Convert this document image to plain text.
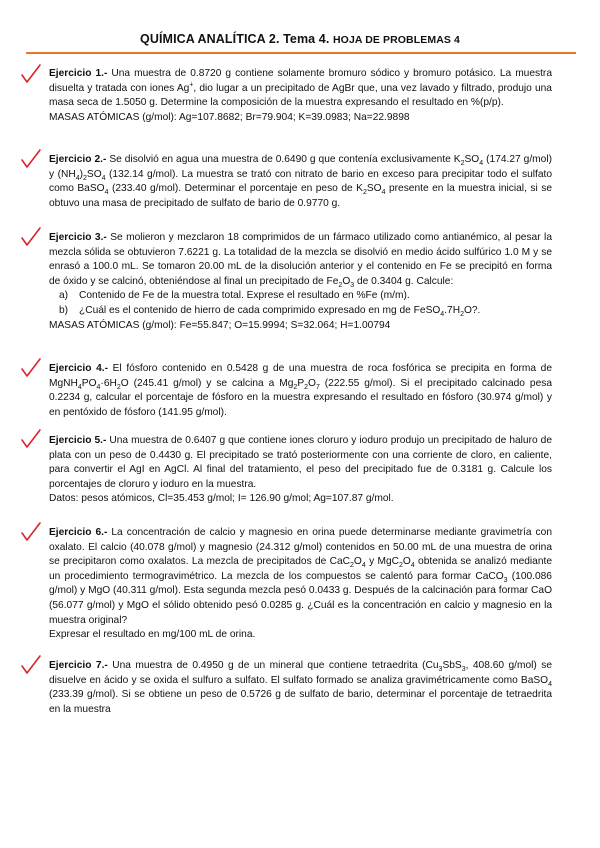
QUÍMICA ANALÍTICA 2. Tema 4. HOJA DE PROBLEMAS 4
Ejercicio 1.- Una muestra de 0.8720 g contiene solamente bromuro sódico y bromuro potásico. La muestra disuelta y tratada con iones Ag+, dio lugar a un precipitado de AgBr que, una vez lavado y filtrado, produjo una masa seca de 1.5050 g. Determine la composición de la muestra expresando el resultado en %(p/p).
MASAS ATÓMICAS (g/mol): Ag=107.8682; Br=79.904; K=39.0983; Na=22.9898
Ejercicio 2.- Se disolvió en agua una muestra de 0.6490 g que contenía exclusivamente $K_2SO_4$ (174.27 g/mol) y $(NH_4)_2SO_4$ (132.14 g/mol). La muestra se trató con nitrato de bario en exceso para precipitar todo el sulfato como BaSO$_4$ (233.40 g/mol). Determinar el porcentaje en peso de $K_2SO_4$ presente en la muestra inicial, si se obtuvo una masa de precipitado de sulfato de bario de 0.9770 g.
Ejercicio 3.- Se molieron y mezclaron 18 comprimidos de un fármaco utilizado como antianémico, al pesar la mezcla sólida se obtuvieron 7.6221 g. La totalidad de la mezcla se disolvió en medio ácido sulfúrico 1.0 M y se enrasó a 100.0 mL. Se tomaron 20.00 mL de la disolución anterior y el contenido en Fe se precipitó en forma de óxido y se calcinó, obteniéndose al final un precipitado de $Fe_2O_3$ de 0.3404 g. Calcule:
a) Contenido de Fe de la muestra total. Exprese el resultado en %Fe (m/m).
b) ¿Cuál es el contenido de hierro de cada comprimido expresado en mg de $FeSO_4.7H_2O$?.
MASAS ATÓMICAS (g/mol): Fe=55.847; O=15.9994; S=32.064; H=1.00794
Ejercicio 4.- El fósforo contenido en 0.5428 g de una muestra de roca fosfórica se precipita en forma de $MgNH_4PO_4\cdot 6H_2O$ (245.41 g/mol) y se calcina a $Mg_2P_2O_7$ (222.55 g/mol). Si el precipitado calcinado pesa 0.2234 g, calcular el porcentaje de fósforo en la muestra expresando el resultado en fósforo (30.974 g/mol) y en pentóxido de fósforo (141.95 g/mol).
Ejercicio 5.- Una muestra de 0.6407 g que contiene iones cloruro y ioduro produjo un precipitado de haluro de plata con un peso de 0.4430 g. El precipitado se trató posteriormente con una corriente de cloro, en caliente, para convertir el AgI en AgCl. Al final del tratamiento, el peso del precipitado fue de 0.3181 g. Calcule los porcentajes de cloruro y ioduro en la muestra.
Datos: pesos atómicos, Cl=35.453 g/mol; I= 126.90 g/mol; Ag=107.87 g/mol.
Ejercicio 6.- La concentración de calcio y magnesio en orina puede determinarse mediante gravimetría con oxalato. El calcio (40.078 g/mol) y magnesio (24.312 g/mol) contenidos en 50.00 mL de una muestra de orina se precipitaron como oxalatos. La mezcla de precipitados de $CaC_2O_4$ y $MgC_2O_4$ obtenida se analizó mediante un procedimiento termogravimétrico. La mezcla de los compuestos se calentó para formar CaCO$_3$ (100.086 g/mol) y MgO (40.311 g/mol). Esta segunda mezcla pesó 0.0433 g. Después de la calcinación para formar CaO (56.077 g/mol) y MgO el sólido obtenido pesó 0.0285 g. ¿Cuál es la concentración en calcio y magnesio en la muestra original?
Expresar el resultado en mg/100 mL de orina.
Ejercicio 7.- Una muestra de 0.4950 g de un mineral que contiene tetraedrita ($Cu_3SbS_3$, 408.60 g/mol) se disuelve en ácido y se oxida el sulfuro a sulfato. El sulfato formado se analiza gravimétricamente como BaSO$_4$ (233.39 g/mol). Si se obtiene un peso de 0.5726 g de sulfato de bario, determinar el porcentaje de tetraedrita en la muestra
